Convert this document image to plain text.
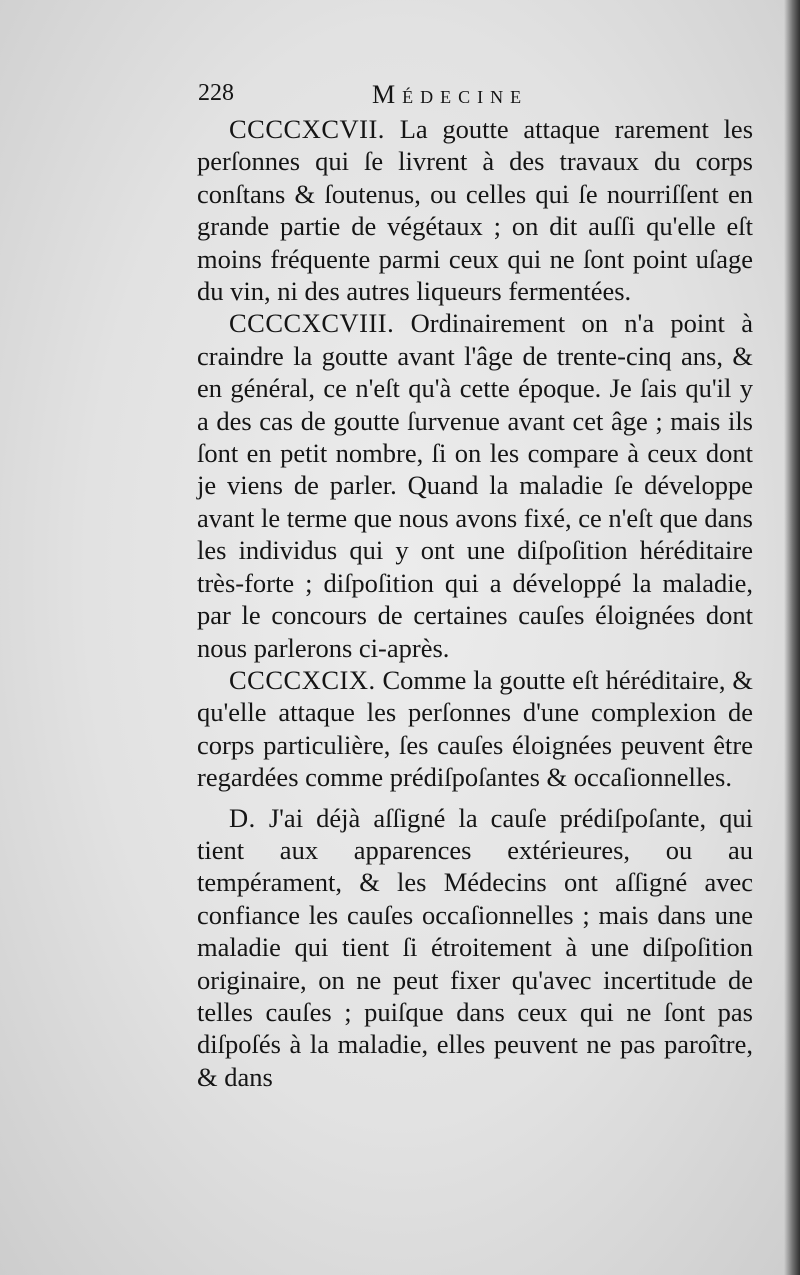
228	Médecine

CCCCXCVII. La goutte attaque rarement les perſonnes qui ſe livrent à des travaux du corps conſtans & ſoutenus, ou celles qui ſe nourriſſent en grande partie de végétaux ; on dit auſſi qu'elle eſt moins fréquente parmi ceux qui ne ſont point uſage du vin, ni des autres liqueurs fermentées.

CCCCXCVIII. Ordinairement on n'a point à craindre la goutte avant l'âge de trente-cinq ans, & en général, ce n'eſt qu'à cette époque. Je ſais qu'il y a des cas de goutte ſurvenue avant cet âge ; mais ils ſont en petit nombre, ſi on les compare à ceux dont je viens de parler. Quand la maladie ſe développe avant le terme que nous avons fixé, ce n'eſt que dans les individus qui y ont une diſpoſition héréditaire très-forte ; diſpoſition qui a développé la maladie, par le concours de certaines cauſes éloignées dont nous parlerons ci-après.

CCCCXCIX. Comme la goutte eſt héréditaire, & qu'elle attaque les perſonnes d'une complexion de corps particulière, ſes cauſes éloignées peuvent être regardées comme prédiſpoſantes & occaſionnelles.

D. J'ai déjà aſſigné la cauſe prédiſpoſante, qui tient aux apparences extérieures, ou au tempérament, & les Médecins ont aſſigné avec confiance les cauſes occaſionnelles ; mais dans une maladie qui tient ſi étroitement à une diſpoſition originaire, on ne peut fixer qu'avec incertitude de telles cauſes ; puiſque dans ceux qui ne ſont pas diſpoſés à la maladie, elles peuvent ne pas paroître, & dans
